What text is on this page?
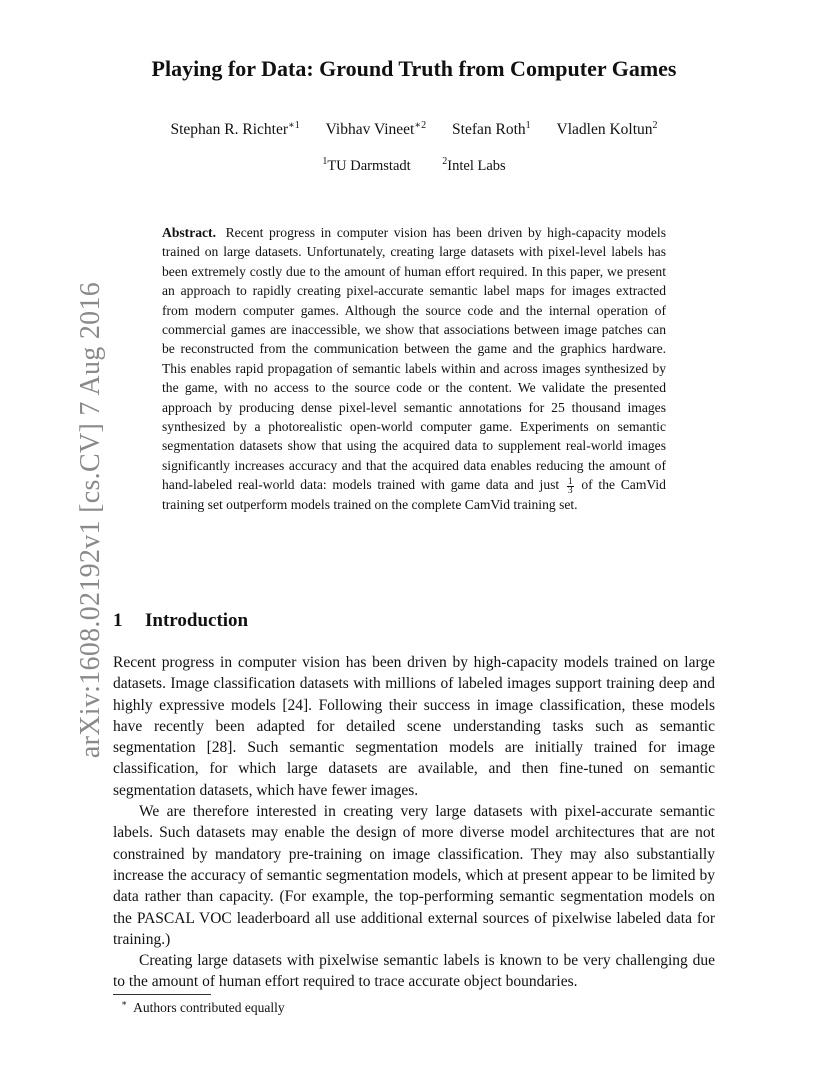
arXiv:1608.02192v1 [cs.CV] 7 Aug 2016
Playing for Data: Ground Truth from Computer Games
Stephan R. Richter$^{∗1}$ Vibhav Vineet$^{∗2}$ Stefan Roth$^1$ Vladlen Koltun$^2$
$^1$TU Darmstadt	$^2$Intel Labs
Abstract. Recent progress in computer vision has been driven by high-capacity models trained on large datasets. Unfortunately, creating large datasets with pixel-level labels has been extremely costly due to the amount of human effort required. In this paper, we present an approach to rapidly creating pixel-accurate semantic label maps for images extracted from modern computer games. Although the source code and the internal operation of commercial games are inaccessible, we show that associations between image patches can be reconstructed from the communication between the game and the graphics hardware. This enables rapid propagation of semantic labels within and across images synthesized by the game, with no access to the source code or the content. We validate the presented approach by producing dense pixel-level semantic annotations for 25 thousand images synthesized by a photorealistic open-world computer game. Experiments on semantic segmentation datasets show that using the acquired data to supplement real-world images significantly increases accuracy and that the acquired data enables reducing the amount of hand-labeled real-world data: models trained with game data and just $\frac{1}{3}$ of the CamVid training set outperform models trained on the complete CamVid training set.
1 Introduction

Recent progress in computer vision has been driven by high-capacity models trained on large datasets. Image classification datasets with millions of labeled images support training deep and highly expressive models [24]. Following their success in image classification, these models have recently been adapted for detailed scene understanding tasks such as semantic segmentation [28]. Such semantic segmentation models are initially trained for image classification, for which large datasets are available, and then fine-tuned on semantic segmentation datasets, which have fewer images.

We are therefore interested in creating very large datasets with pixel-accurate semantic labels. Such datasets may enable the design of more diverse model architectures that are not constrained by mandatory pre-training on image classification. They may also substantially increase the accuracy of semantic segmentation models, which at present appear to be limited by data rather than capacity. (For example, the top-performing semantic segmentation models on the PASCAL VOC leaderboard all use additional external sources of pixelwise labeled data for training.)

Creating large datasets with pixelwise semantic labels is known to be very challenging due to the amount of human effort required to trace accurate object boundaries.

∗ Authors contributed equally
